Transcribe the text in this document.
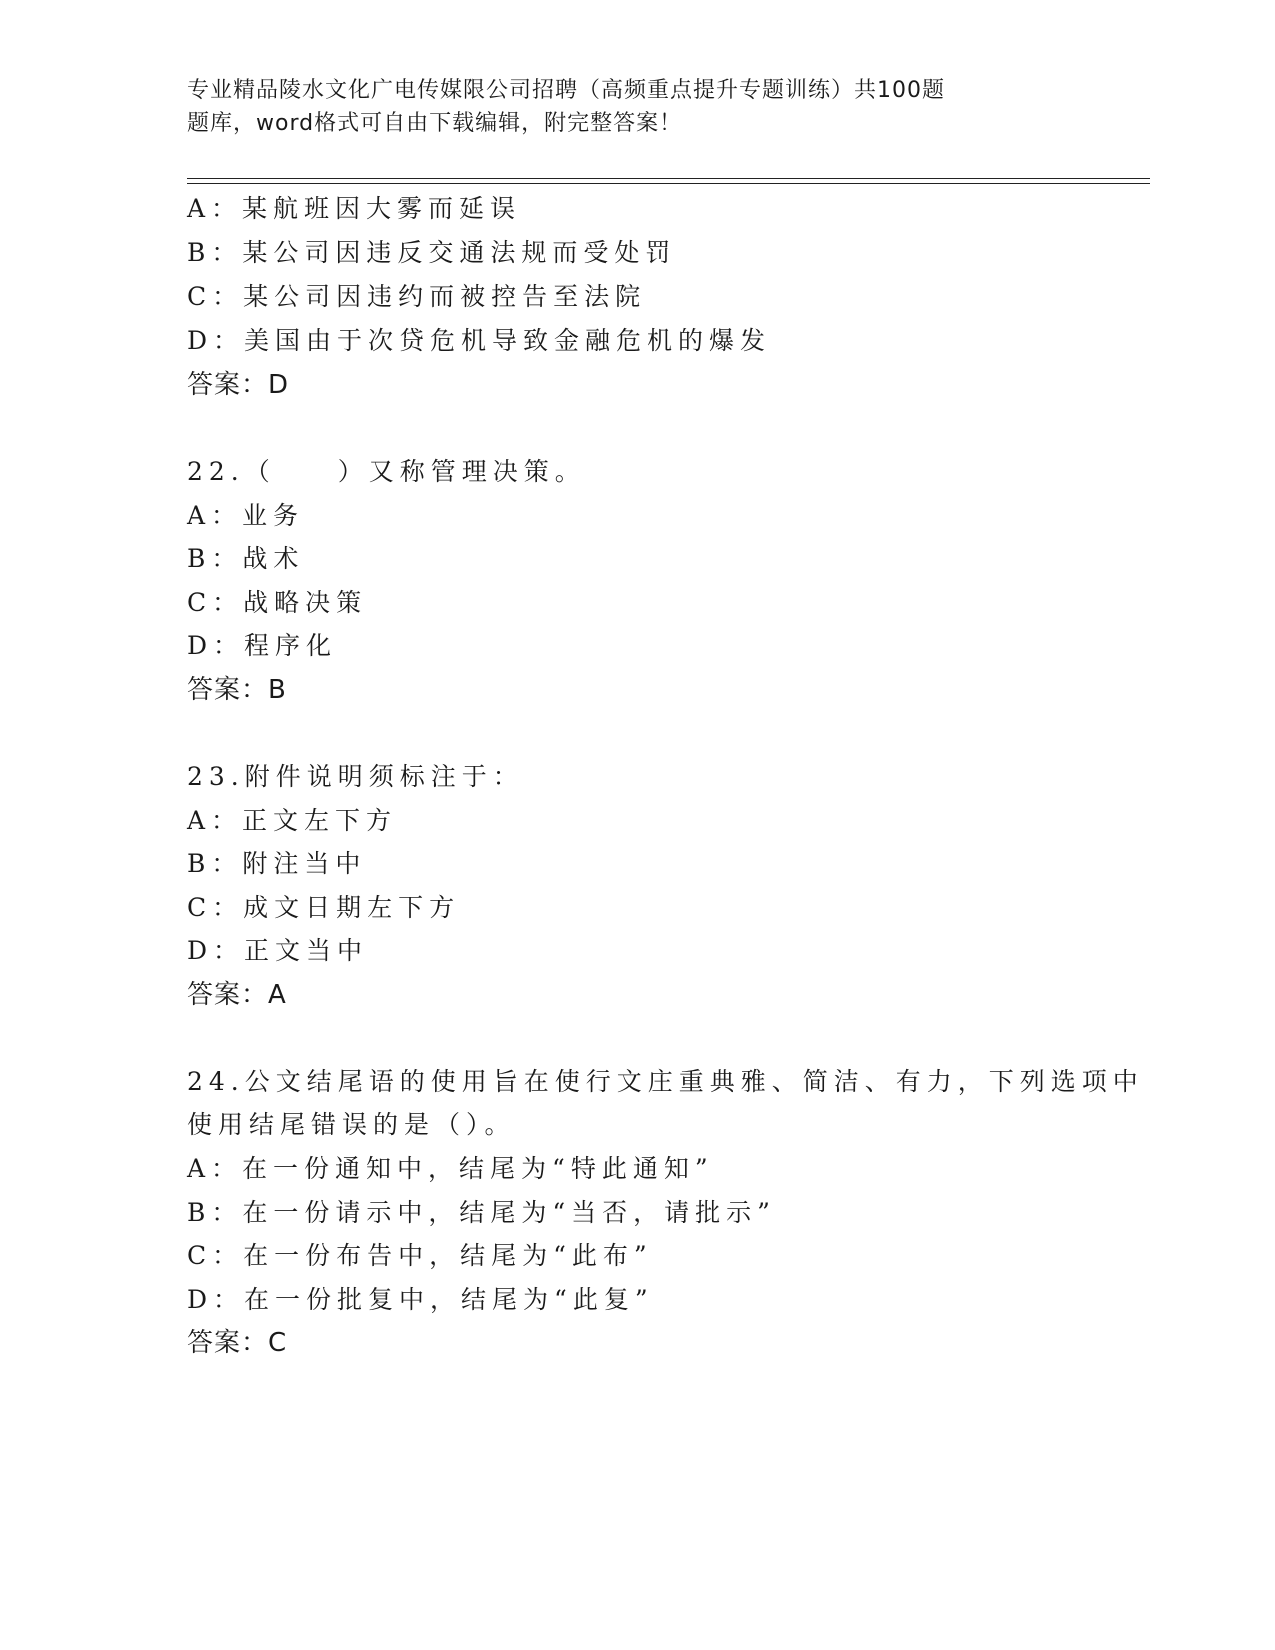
专业精品陵水文化广电传媒限公司招聘（高频重点提升专题训练）共100题
题库，word格式可自由下载编辑，附完整答案！
A：某航班因大雾而延误
B：某公司因违反交通法规而受处罚
C：某公司因违约而被控告至法院
D：美国由于次贷危机导致金融危机的爆发
答案：D
22.（　　）又称管理决策。
A：业务
B：战术
C：战略决策
D：程序化
答案：B
23.附件说明须标注于：
A：正文左下方
B：附注当中
C：成文日期左下方
D：正文当中
答案：A
24.公文结尾语的使用旨在使行文庄重典雅、简洁、有力，下列选项中
使用结尾错误的是（）。
A：在一份通知中，结尾为“特此通知”
B：在一份请示中，结尾为“当否，请批示”
C：在一份布告中，结尾为“此布”
D：在一份批复中，结尾为“此复”
答案：C
